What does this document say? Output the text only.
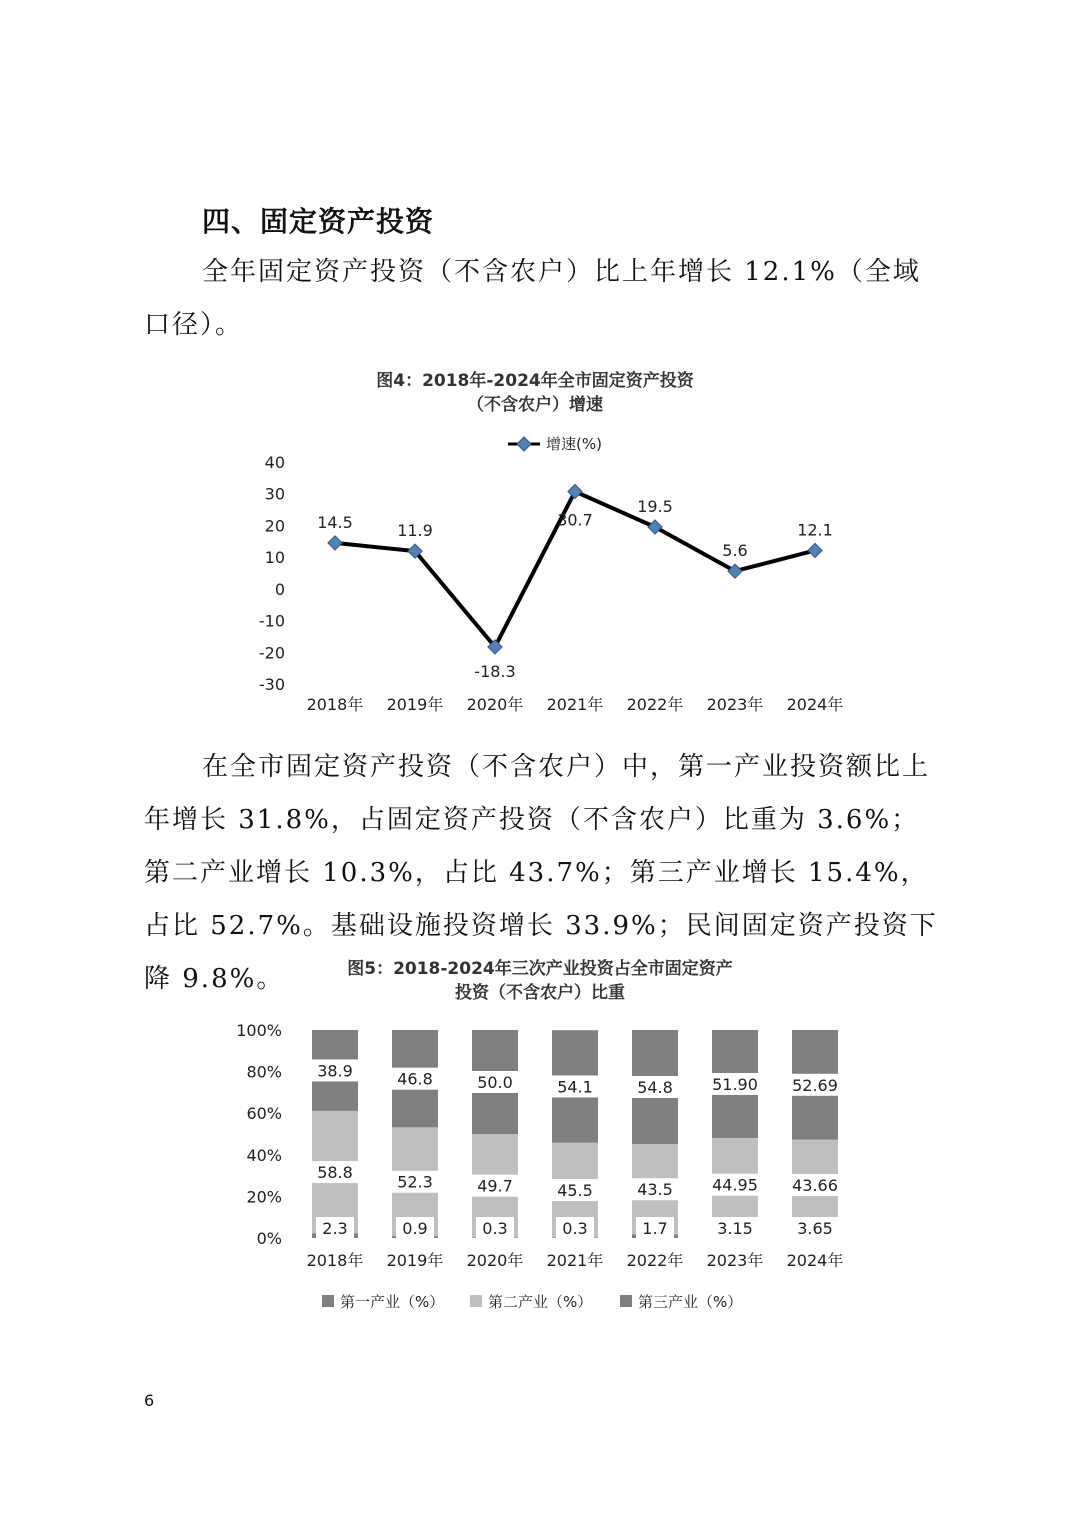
四、固定资产投资

全年固定资产投资（不含农户）比上年增长 12.1%（全域口径）。

图4：2018年-2024年全市固定资产投资
（不含农户）增速
增速(%)
40
30
20
10
0
-10
-20
-30
14.5	11.9
-18.3
30.7
19.5
5.6
12.1
2018年 2019年 2020年 2021年 2022年 2023年 2024年

在全市固定资产投资（不含农户）中，第一产业投资额比上年增长 31.8%，占固定资产投资（不含农户）比重为 3.6%；第二产业增长 10.3%，占比 43.7%；第三产业增长 15.4%，占比 52.7%。基础设施投资增长 33.9%；民间固定资产投资下降 9.8%。	图5：2018-2024年三次产业投资占全市固定资产
投资（不含农户）比重
100%
80%
60%
40%
20%
0%
2.3
58.8
38.9
2018年
0.9
52.3
46.8
2019年
0.3
49.7
50.0
2020年
0.3
45.5
54.1
2021年
1.7
43.5
54.8
2022年
3.15
44.95
51.90
2023年
3.65
43.66
52.69
2024年
第一产业（%）	第二产业（%）	第三产业（%）
6
